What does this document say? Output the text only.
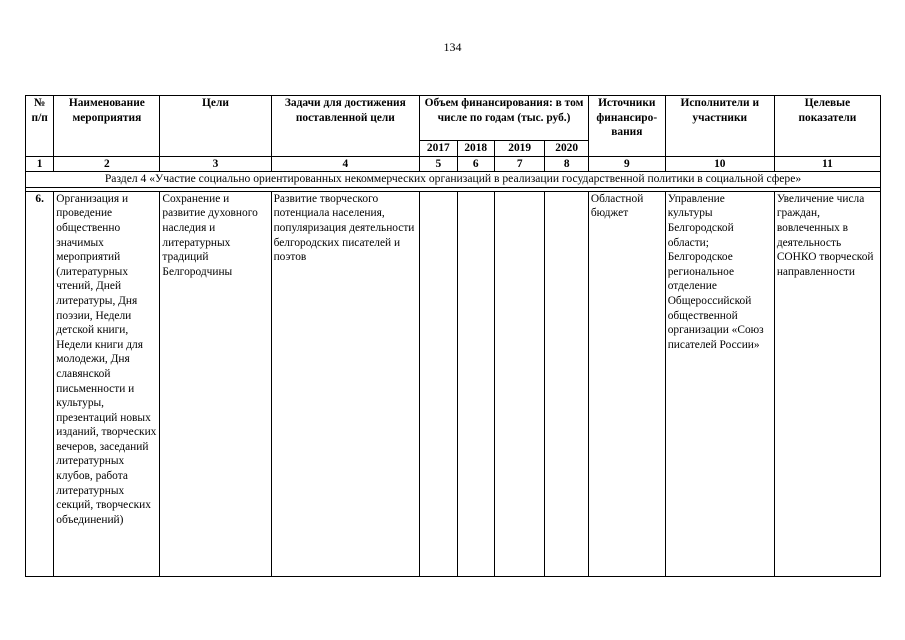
134
№ п/п	Наименование мероприятия	Цели	Задачи для достижения поставленной цели	Объем финансирования: в том числе по годам (тыс. руб.)				Источники финансиро-вания	Исполнители и участники	Целевые показатели
				2017	2018	2019	2020			
1	2	3	4	5	6	7	8	9	10	11
Раздел 4 «Участие социально ориентированных некоммерческих организаций в реализации государственной политики в социальной сфере»										

6.	Организация и проведение общественно значимых мероприятий (литературных чтений, Дней литературы, Дня поэзии, Недели детской книги, Недели книги для молодежи, Дня славянской письменности и культуры, презентаций новых изданий, творческих вечеров, заседаний литературных клубов, работа литературных секций, творческих объединений)	Сохранение и развитие духовного наследия и литературных традиций Белгородчины	Развитие творческого потенциала населения, популяризация деятельности белгородских писателей и поэтов					Областной бюджет	Управление культуры Белгородской области; Белгородское региональное отделение Общероссийской общественной организации «Союз писателей России»	Увеличение числа граждан, вовлеченных в деятельность СОНКО творческой направленности
